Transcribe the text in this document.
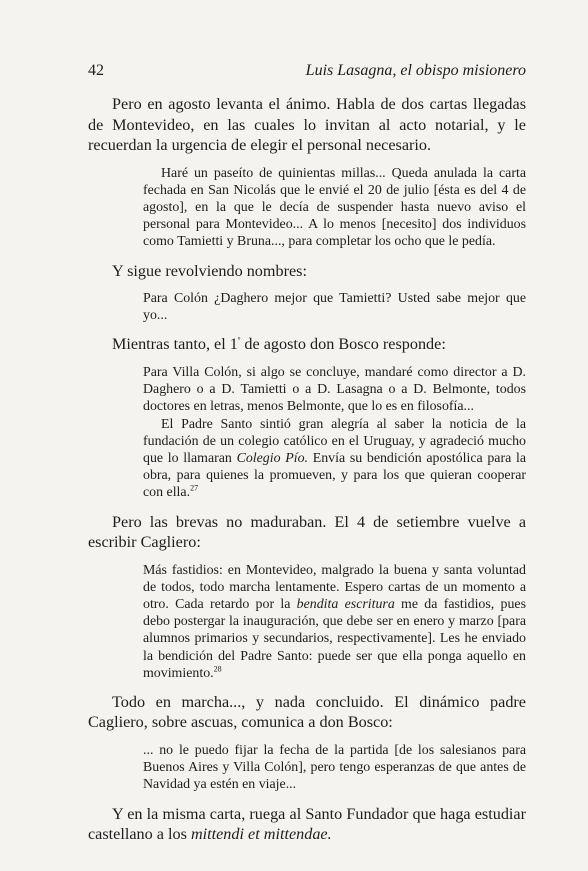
42	Luis Lasagna, el obispo misionero

Pero en agosto levanta el ánimo. Habla de dos cartas llegadas de Montevideo, en las cuales lo invitan al acto notarial, y le recuerdan la urgencia de elegir el personal necesario.

Haré un paseíto de quinientas millas... Queda anulada la carta fechada en San Nicolás que le envié el 20 de julio [ésta es del 4 de agosto], en la que le decía de suspender hasta nuevo aviso el personal para Montevideo... A lo menos [necesito] dos individuos como Tamietti y Bruna..., para completar los ocho que le pedía.

Y sigue revolviendo nombres:

Para Colón ¿Daghero mejor que Tamietti? Usted sabe mejor que yo...

Mientras tanto, el $1^º$ de agosto don Bosco responde:

Para Villa Colón, si algo se concluye, mandaré como director a D. Daghero o a D. Tamietti o a D. Lasagna o a D. Belmonte, todos doctores en letras, menos Belmonte, que lo es en filosofía...

El Padre Santo sintió gran alegría al saber la noticia de la fundación de un colegio católico en el Uruguay, y agradeció mucho que lo llamaran Colegio Pío. Envía su bendición apostólica para la obra, para quienes la promueven, y para los que quieran cooperar con ella.$^{27}$

Pero las brevas no maduraban. El 4 de setiembre vuelve a escribir Cagliero:

Más fastidios: en Montevideo, malgrado la buena y santa voluntad de todos, todo marcha lentamente. Espero cartas de un momento a otro. Cada retardo por la bendita escritura me da fastidios, pues debo postergar la inauguración, que debe ser en enero y marzo [para alumnos primarios y secundarios, respectivamente]. Les he enviado la bendición del Padre Santo: puede ser que ella ponga aquello en movimiento.$^{28}$

Todo en marcha..., y nada concluido. El dinámico padre Cagliero, sobre ascuas, comunica a don Bosco:

... no le puedo fijar la fecha de la partida [de los salesianos para Buenos Aires y Villa Colón], pero tengo esperanzas de que antes de Navidad ya estén en viaje...

Y en la misma carta, ruega al Santo Fundador que haga estudiar castellano a los mittendi et mittendae.
